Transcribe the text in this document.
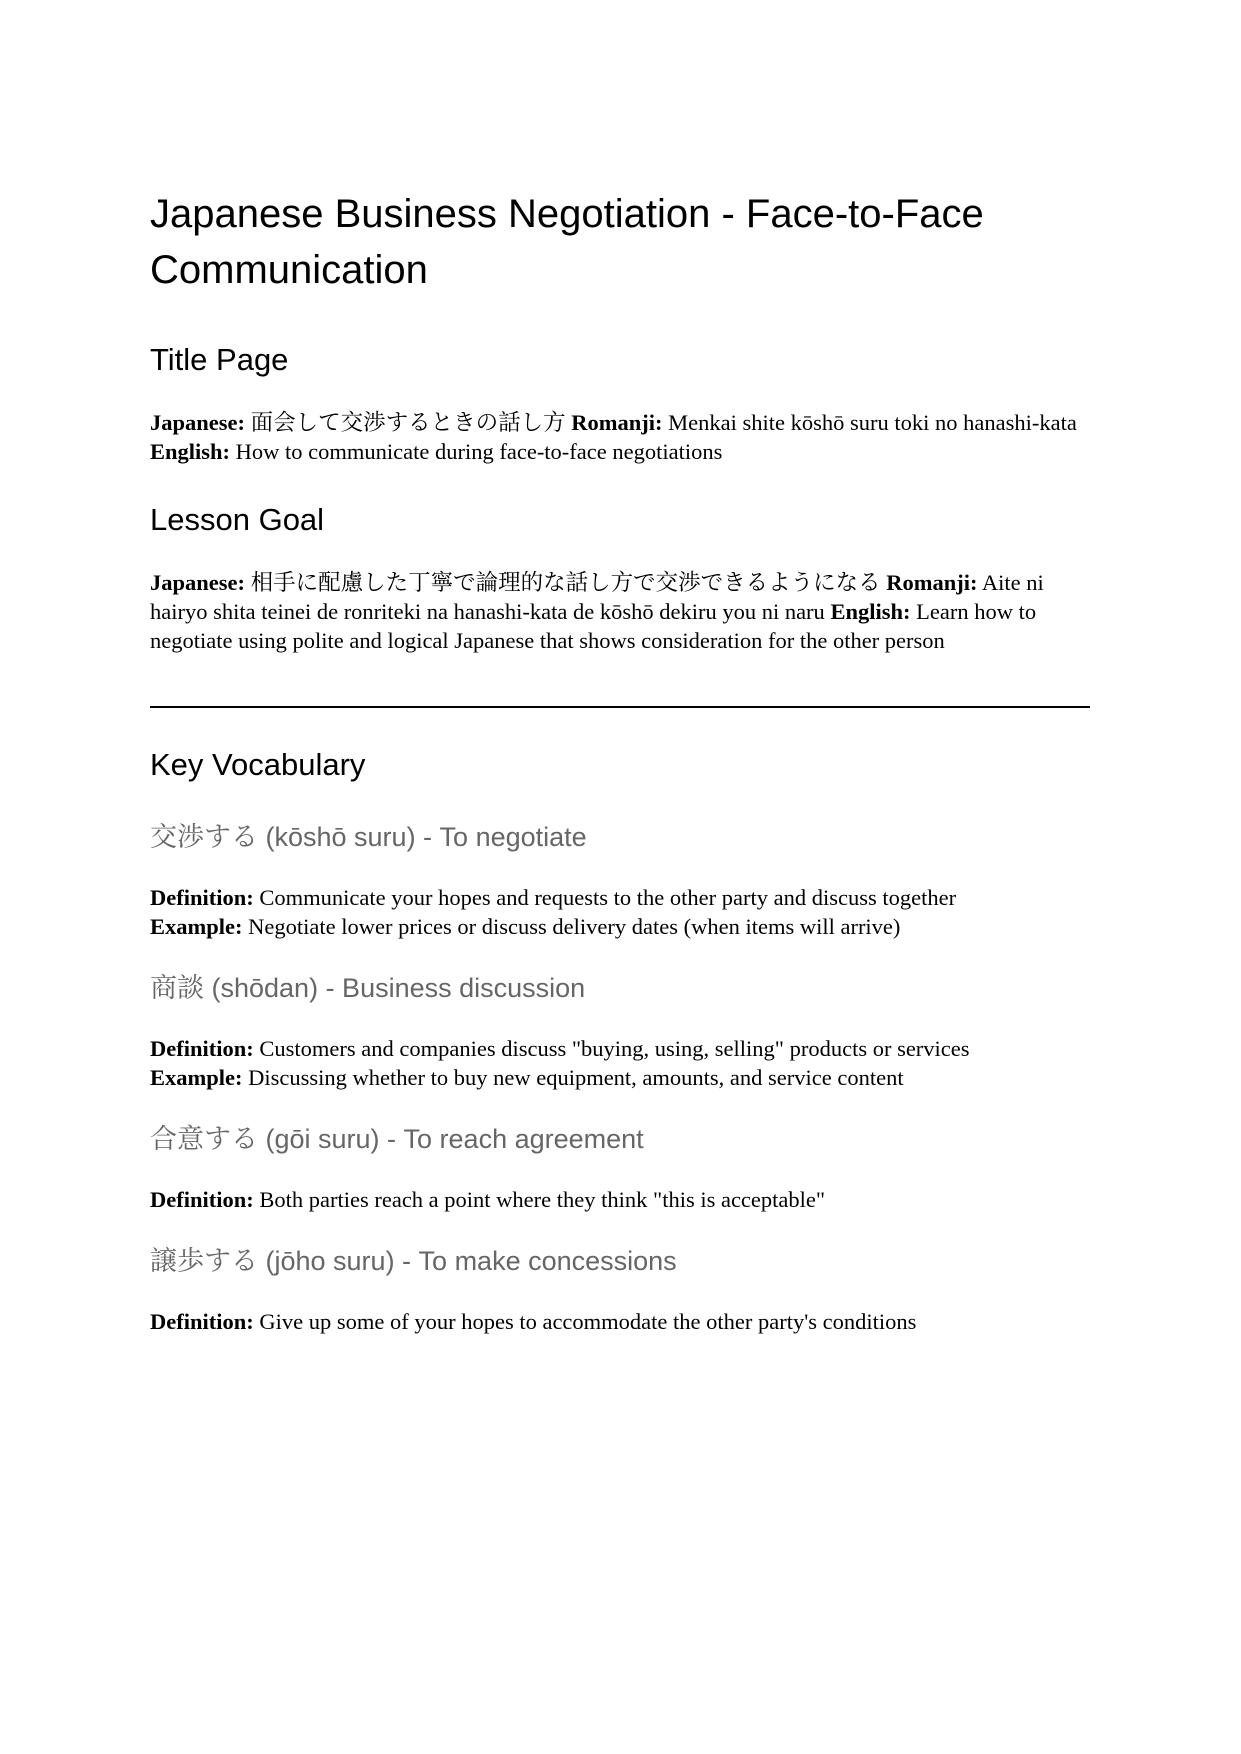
Japanese Business Negotiation - Face-to-Face Communication
Title Page

Japanese: 面会して交渉するときの話し方 Romanji: Menkai shite kōshō suru toki no hanashi-kata English: How to communicate during face-to-face negotiations

Lesson Goal

Japanese: 相手に配慮した丁寧で論理的な話し方で交渉できるようになる Romanji: Aite ni hairyo shita teinei de ronriteki na hanashi-kata de kōshō dekiru you ni naru English: Learn how to negotiate using polite and logical Japanese that shows consideration for the other person

Key Vocabulary
交渉する (kōshō suru) - To negotiate

Definition: Communicate your hopes and requests to the other party and discuss together

Example: Negotiate lower prices or discuss delivery dates (when items will arrive)

商談 (shōdan) - Business discussion

Definition: Customers and companies discuss "buying, using, selling" products or services

Example: Discussing whether to buy new equipment, amounts, and service content

合意する (gōi suru) - To reach agreement

Definition: Both parties reach a point where they think "this is acceptable"

譲歩する (jōho suru) - To make concessions

Definition: Give up some of your hopes to accommodate the other party's conditions
